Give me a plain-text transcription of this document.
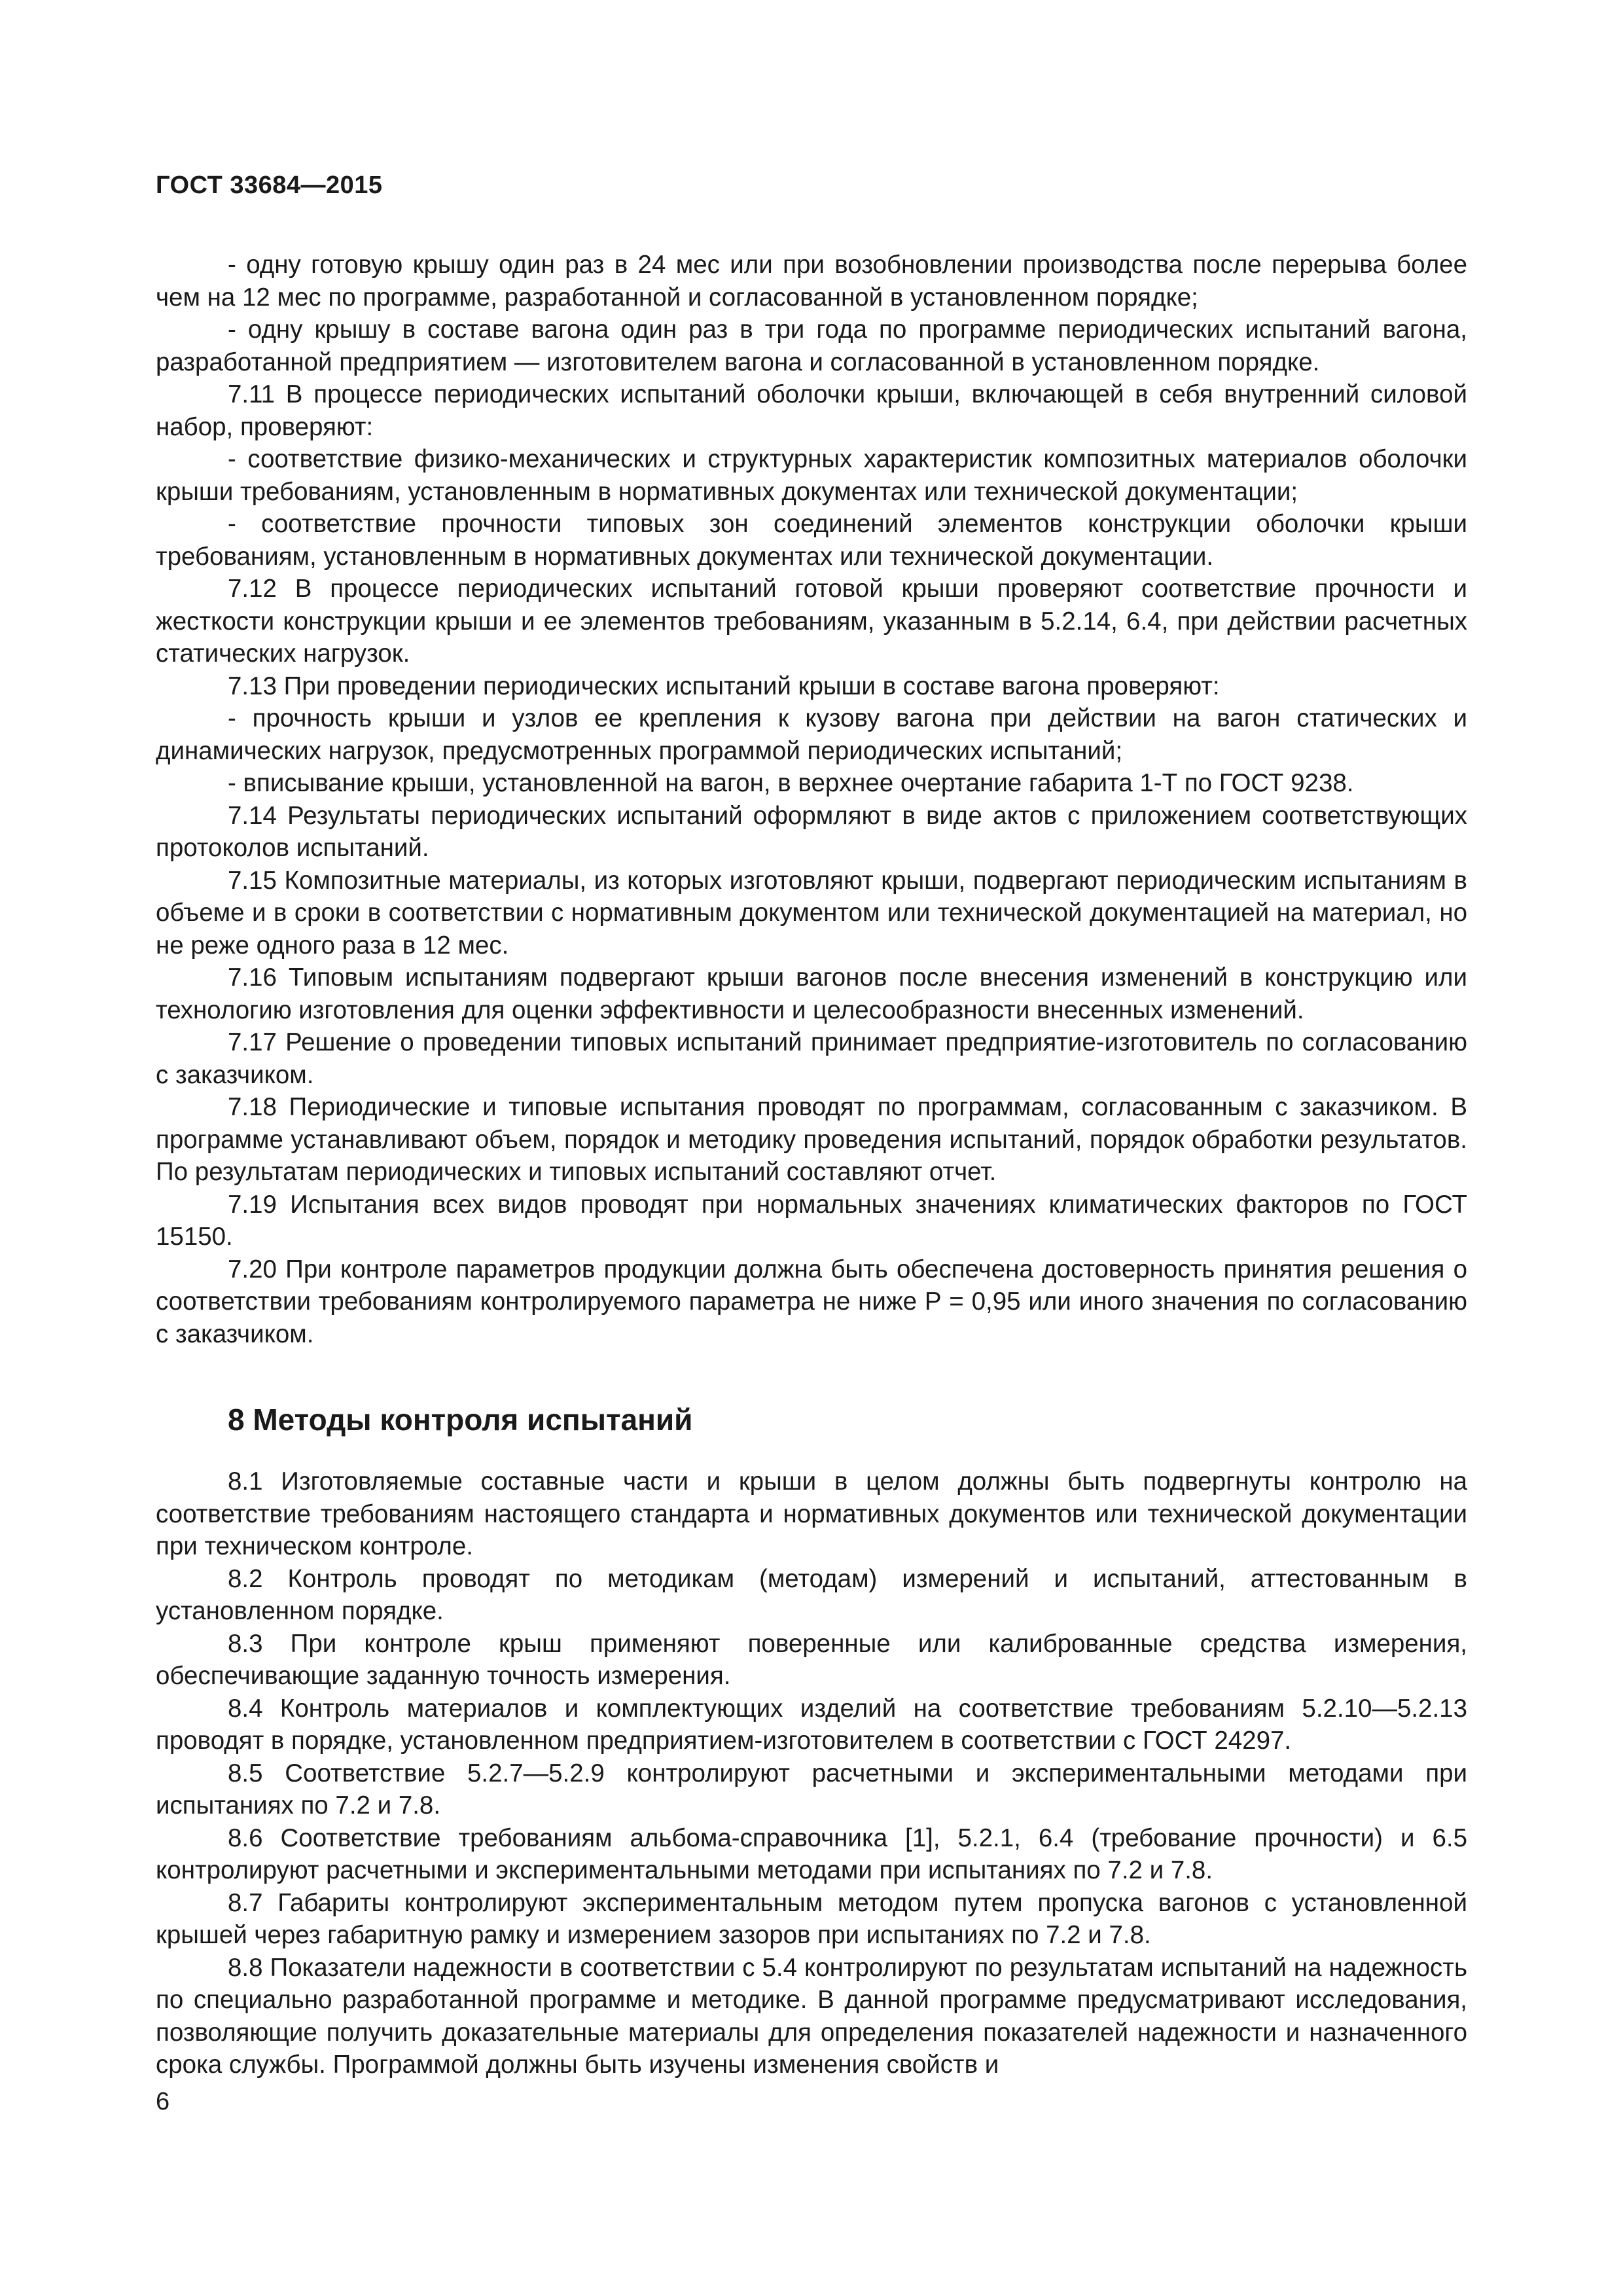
ГОСТ 33684—2015

- одну готовую крышу один раз в 24 мес или при возобновлении производства после перерыва более чем на 12 мес по программе, разработанной и согласованной в установленном порядке;

- одну крышу в составе вагона один раз в три года по программе периодических испытаний вагона, разработанной предприятием — изготовителем вагона и согласованной в установленном порядке.

7.11 В процессе периодических испытаний оболочки крыши, включающей в себя внутренний силовой набор, проверяют:

- соответствие физико-механических и структурных характеристик композитных материалов оболочки крыши требованиям, установленным в нормативных документах или технической документации;

- соответствие прочности типовых зон соединений элементов конструкции оболочки крыши требованиям, установленным в нормативных документах или технической документации.

7.12 В процессе периодических испытаний готовой крыши проверяют соответствие прочности и жесткости конструкции крыши и ее элементов требованиям, указанным в 5.2.14, 6.4, при действии расчетных статических нагрузок.

7.13 При проведении периодических испытаний крыши в составе вагона проверяют:

- прочность крыши и узлов ее крепления к кузову вагона при действии на вагон статических и динамических нагрузок, предусмотренных программой периодических испытаний;

- вписывание крыши, установленной на вагон, в верхнее очертание габарита 1-Т по ГОСТ 9238.

7.14 Результаты периодических испытаний оформляют в виде актов с приложением соответствующих протоколов испытаний.

7.15 Композитные материалы, из которых изготовляют крыши, подвергают периодическим испытаниям в объеме и в сроки в соответствии с нормативным документом или технической документацией на материал, но не реже одного раза в 12 мес.

7.16 Типовым испытаниям подвергают крыши вагонов после внесения изменений в конструкцию или технологию изготовления для оценки эффективности и целесообразности внесенных изменений.

7.17 Решение о проведении типовых испытаний принимает предприятие-изготовитель по согласованию с заказчиком.

7.18 Периодические и типовые испытания проводят по программам, согласованным с заказчиком. В программе устанавливают объем, порядок и методику проведения испытаний, порядок обработки результатов. По результатам периодических и типовых испытаний составляют отчет.

7.19 Испытания всех видов проводят при нормальных значениях климатических факторов по ГОСТ 15150.

7.20 При контроле параметров продукции должна быть обеспечена достоверность принятия решения о соответствии требованиям контролируемого параметра не ниже Р = 0,95 или иного значения по согласованию с заказчиком.

8 Методы контроля испытаний

8.1 Изготовляемые составные части и крыши в целом должны быть подвергнуты контролю на соответствие требованиям настоящего стандарта и нормативных документов или технической документации при техническом контроле.

8.2 Контроль проводят по методикам (методам) измерений и испытаний, аттестованным в установленном порядке.

8.3 При контроле крыш применяют поверенные или калиброванные средства измерения, обеспечивающие заданную точность измерения.

8.4 Контроль материалов и комплектующих изделий на соответствие требованиям 5.2.10—5.2.13 проводят в порядке, установленном предприятием-изготовителем в соответствии с ГОСТ 24297.

8.5 Соответствие 5.2.7—5.2.9 контролируют расчетными и экспериментальными методами при испытаниях по 7.2 и 7.8.

8.6 Соответствие требованиям альбома-справочника [1], 5.2.1, 6.4 (требование прочности) и 6.5 контролируют расчетными и экспериментальными методами при испытаниях по 7.2 и 7.8.

8.7 Габариты контролируют экспериментальным методом путем пропуска вагонов с установленной крышей через габаритную рамку и измерением зазоров при испытаниях по 7.2 и 7.8.

8.8 Показатели надежности в соответствии с 5.4 контролируют по результатам испытаний на надежность по специально разработанной программе и методике. В данной программе предусматривают исследования, позволяющие получить доказательные материалы для определения показателей надежности и назначенного срока службы. Программой должны быть изучены изменения свойств и

6
